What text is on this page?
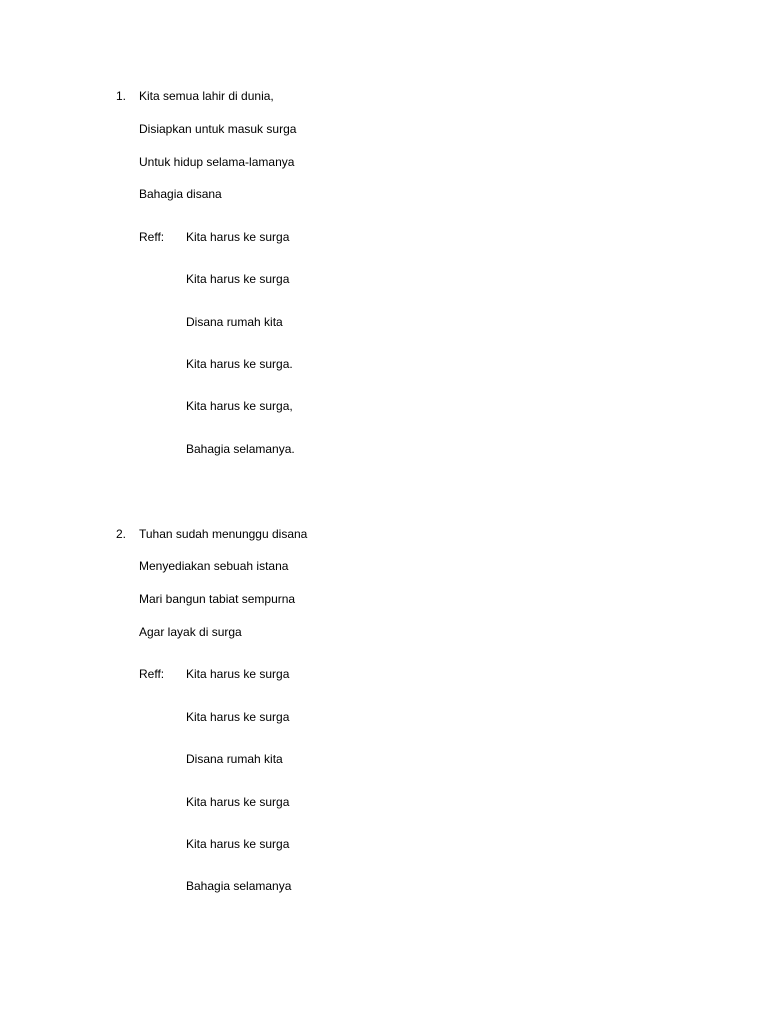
1. Kita semua lahir di dunia,
Disiapkan untuk masuk surga
Untuk hidup selama-lamanya
Bahagia disana
Reff: Kita harus ke surga
Kita harus ke surga
Disana rumah kita
Kita harus ke surga.
Kita harus ke surga,
Bahagia selamanya.
2. Tuhan sudah menunggu disana
Menyediakan sebuah istana
Mari bangun tabiat sempurna
Agar layak di surga
Reff: Kita harus ke surga
Kita harus ke surga
Disana rumah kita
Kita harus ke surga
Kita harus ke surga
Bahagia selamanya
